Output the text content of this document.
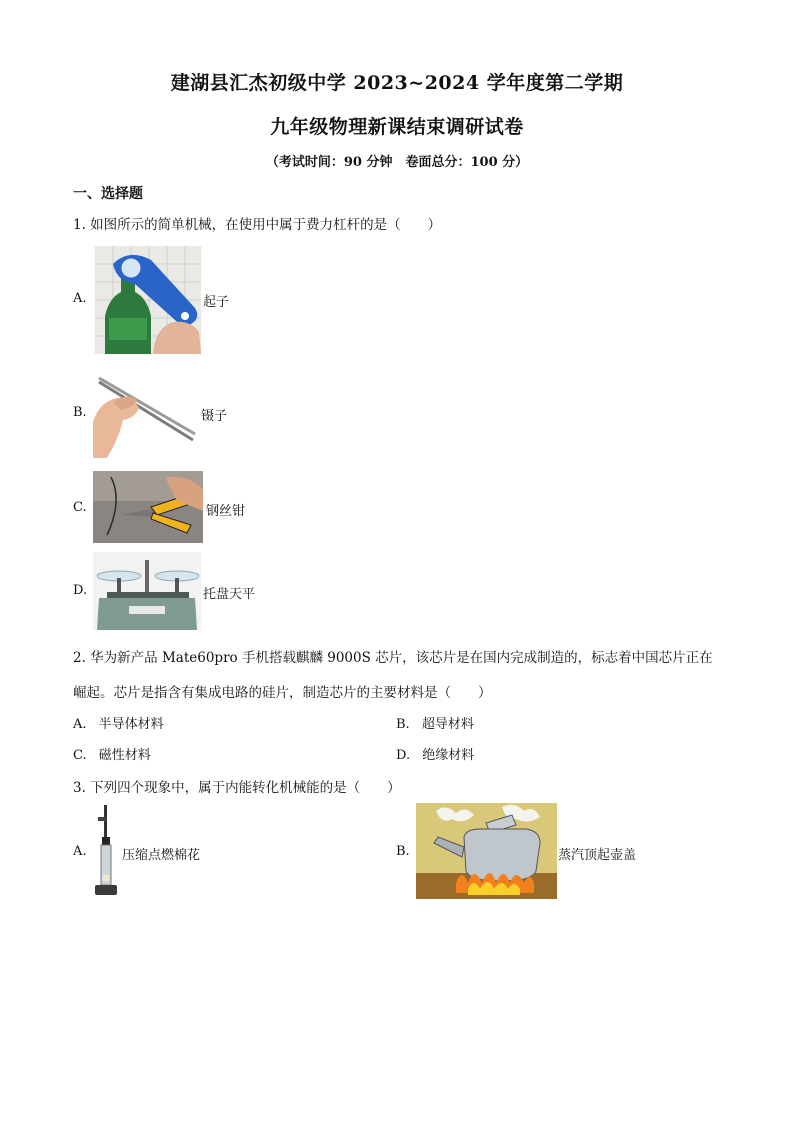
建湖县汇杰初级中学 2023~2024 学年度第二学期
九年级物理新课结束调研试卷
（考试时间：90 分钟　卷面总分：100 分）
一、选择题
1. 如图所示的简单机械，在使用中属于费力杠杆的是（　　）
A.	起子
B.	镊子
C.	钢丝钳
D.	托盘天平
2. 华为新产品 Mate60pro 手机搭载麒麟 9000S 芯片，该芯片是在国内完成制造的，标志着中国芯片正在
崛起。芯片是指含有集成电路的硅片，制造芯片的主要材料是（　　）
A. 半导体材料	B. 超导材料
C. 磁性材料	D. 绝缘材料
3. 下列四个现象中，属于内能转化机械能的是（　　）
A.	压缩点燃棉花	B.	蒸汽顶起壶盖
